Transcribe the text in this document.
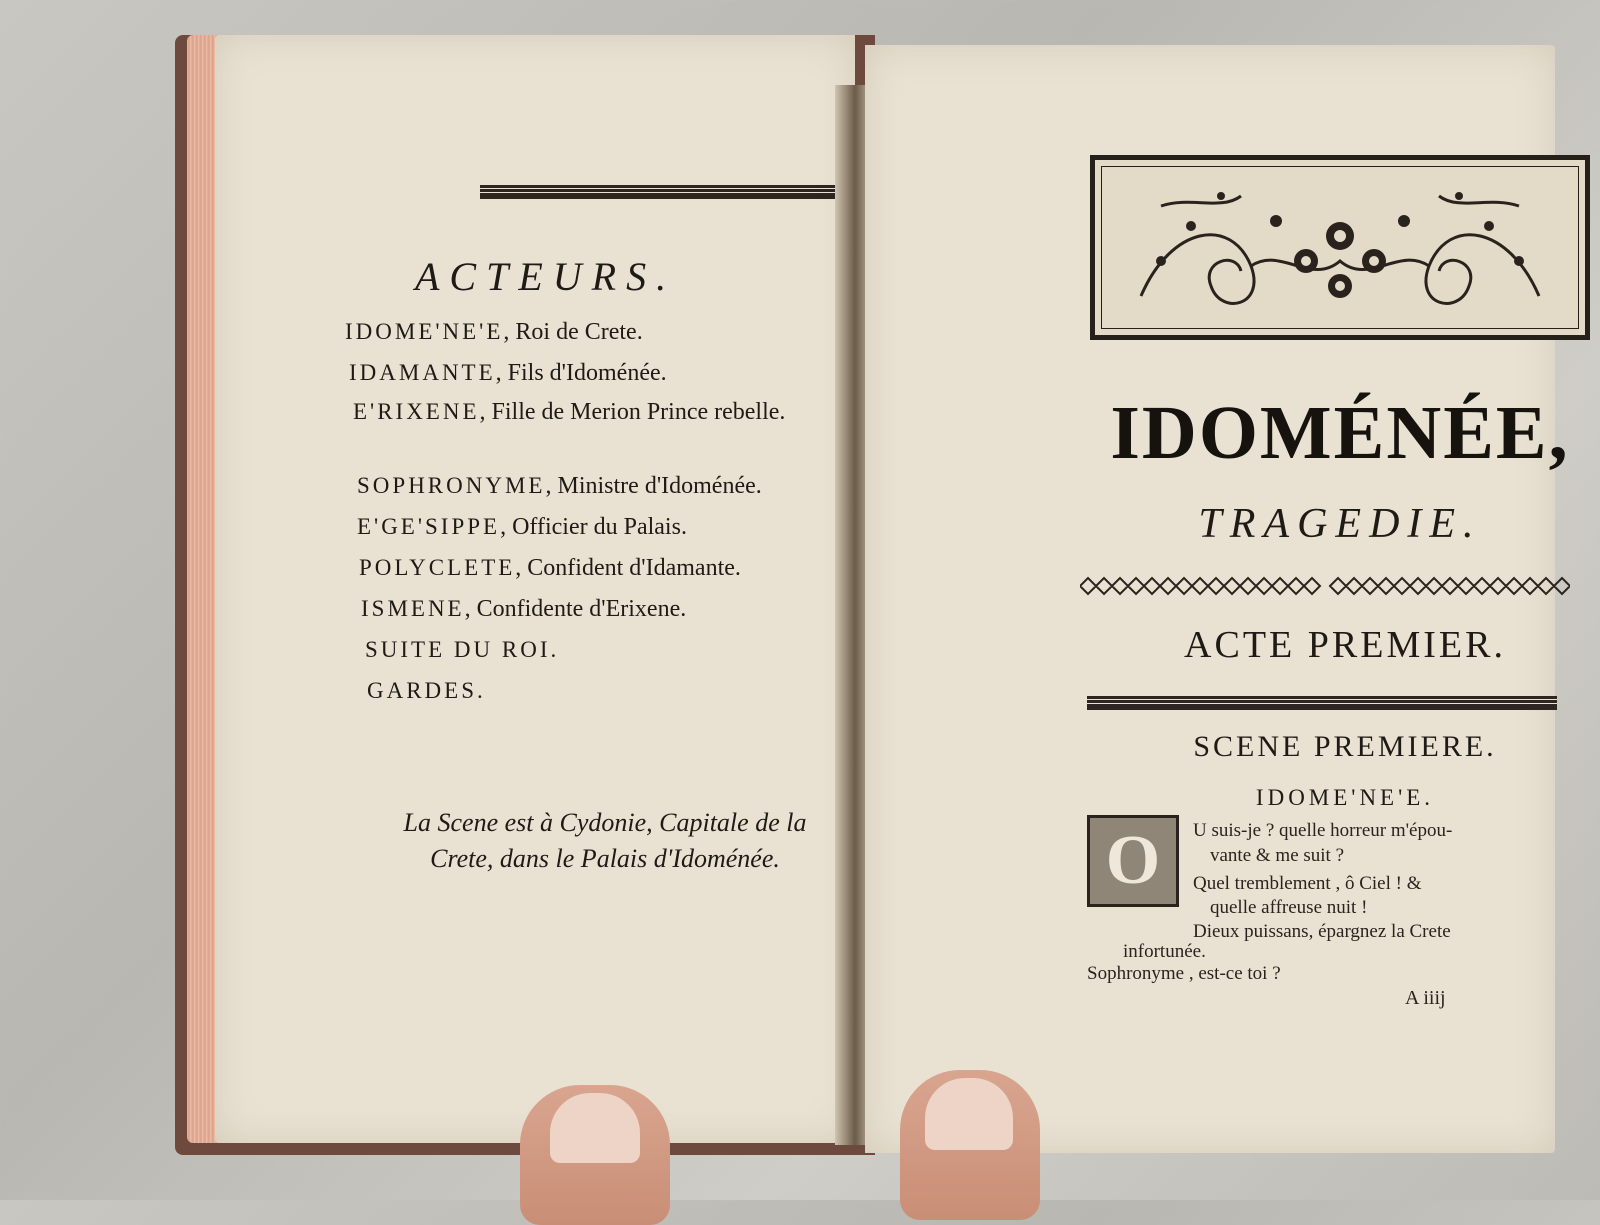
ACTEURS.
IDOME'NE'E, Roi de Crete.
IDAMANTE, Fils d'Idoménée.
E'RIXENE, Fille de Merion Prince rebelle.
SOPHRONYME, Ministre d'Idoménée.
E'GE'SIPPE, Officier du Palais.
POLYCLETE, Confident d'Idamante.
ISMENE, Confidente d'Erixene.
SUITE DU ROI.
GARDES.
La Scene est à Cydonie, Capitale de la
Crete, dans le Palais d'Idoménée.
IDOMÉNÉE,
TRAGEDIE.
ACTE PREMIER.
SCENE PREMIERE.
IDOME'NE'E.
O	U suis-je ? quelle horreur m'épou-
vante & me suit ?
Quel tremblement , ô Ciel ! &
quelle affreuse nuit !
Dieux puissans, épargnez la Crete
infortunée.
Sophronyme , est-ce toi ?
A iiij
